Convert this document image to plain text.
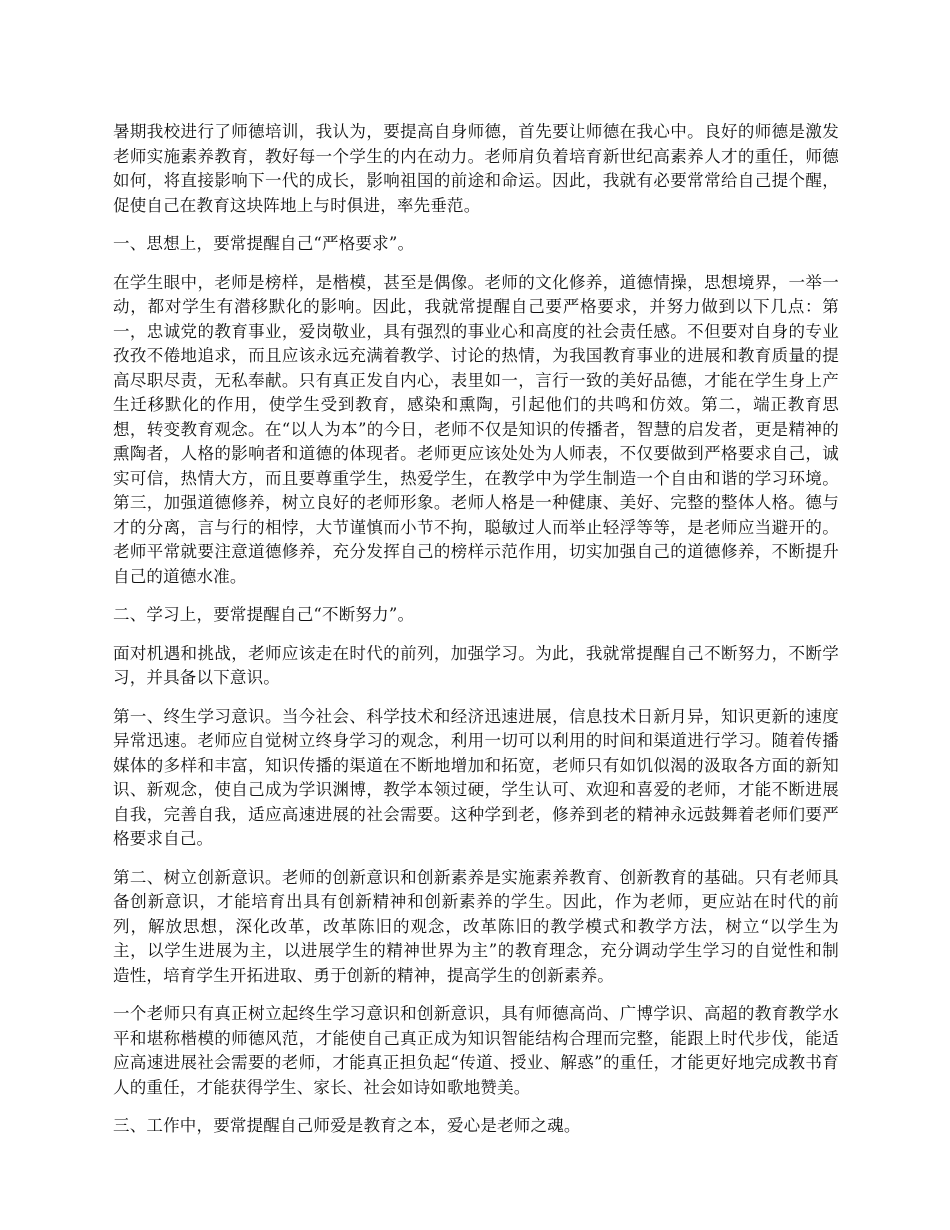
暑期我校进行了师德培训，我认为，要提高自身师德，首先要让师德在我心中。良好的师德是激发老师实施素养教育，教好每一个学生的内在动力。老师肩负着培育新世纪高素养人才的重任，师德如何，将直接影响下一代的成长，影响祖国的前途和命运。因此，我就有必要常常给自己提个醒，促使自己在教育这块阵地上与时俱进，率先垂范。

一、思想上，要常提醒自己“严格要求”。

在学生眼中，老师是榜样，是楷模，甚至是偶像。老师的文化修养，道德情操，思想境界，一举一动，都对学生有潜移默化的影响。因此，我就常提醒自己要严格要求，并努力做到以下几点：第一，忠诚党的教育事业，爱岗敬业，具有强烈的事业心和高度的社会责任感。不但要对自身的专业孜孜不倦地追求，而且应该永远充满着教学、讨论的热情，为我国教育事业的进展和教育质量的提高尽职尽责，无私奉献。只有真正发自内心，表里如一，言行一致的美好品德，才能在学生身上产生迁移默化的作用，使学生受到教育，感染和熏陶，引起他们的共鸣和仿效。第二，端正教育思想，转变教育观念。在“以人为本”的今日，老师不仅是知识的传播者，智慧的启发者，更是精神的熏陶者，人格的影响者和道德的体现者。老师更应该处处为人师表，不仅要做到严格要求自己，诚实可信，热情大方，而且要尊重学生，热爱学生，在教学中为学生制造一个自由和谐的学习环境。第三，加强道德修养，树立良好的老师形象。老师人格是一种健康、美好、完整的整体人格。德与才的分离，言与行的相悖，大节谨慎而小节不拘，聪敏过人而举止轻浮等等，是老师应当避开的。老师平常就要注意道德修养，充分发挥自己的榜样示范作用，切实加强自己的道德修养，不断提升自己的道德水准。

二、学习上，要常提醒自己“不断努力”。

面对机遇和挑战，老师应该走在时代的前列，加强学习。为此，我就常提醒自己不断努力，不断学习，并具备以下意识。

第一、终生学习意识。当今社会、科学技术和经济迅速进展，信息技术日新月异，知识更新的速度异常迅速。老师应自觉树立终身学习的观念，利用一切可以利用的时间和渠道进行学习。随着传播媒体的多样和丰富，知识传播的渠道在不断地增加和拓宽，老师只有如饥似渴的汲取各方面的新知识、新观念，使自己成为学识渊博，教学本领过硬，学生认可、欢迎和喜爱的老师，才能不断进展自我，完善自我，适应高速进展的社会需要。这种学到老，修养到老的精神永远鼓舞着老师们要严格要求自己。

第二、树立创新意识。老师的创新意识和创新素养是实施素养教育、创新教育的基础。只有老师具备创新意识，才能培育出具有创新精神和创新素养的学生。因此，作为老师，更应站在时代的前列，解放思想，深化改革，改革陈旧的观念，改革陈旧的教学模式和教学方法，树立“以学生为主，以学生进展为主，以进展学生的精神世界为主”的教育理念，充分调动学生学习的自觉性和制造性，培育学生开拓进取、勇于创新的精神，提高学生的创新素养。

一个老师只有真正树立起终生学习意识和创新意识，具有师德高尚、广博学识、高超的教育教学水平和堪称楷模的师德风范，才能使自己真正成为知识智能结构合理而完整，能跟上时代步伐，能适应高速进展社会需要的老师，才能真正担负起“传道、授业、解惑”的重任，才能更好地完成教书育人的重任，才能获得学生、家长、社会如诗如歌地赞美。

三、工作中，要常提醒自己师爱是教育之本，爱心是老师之魂。
